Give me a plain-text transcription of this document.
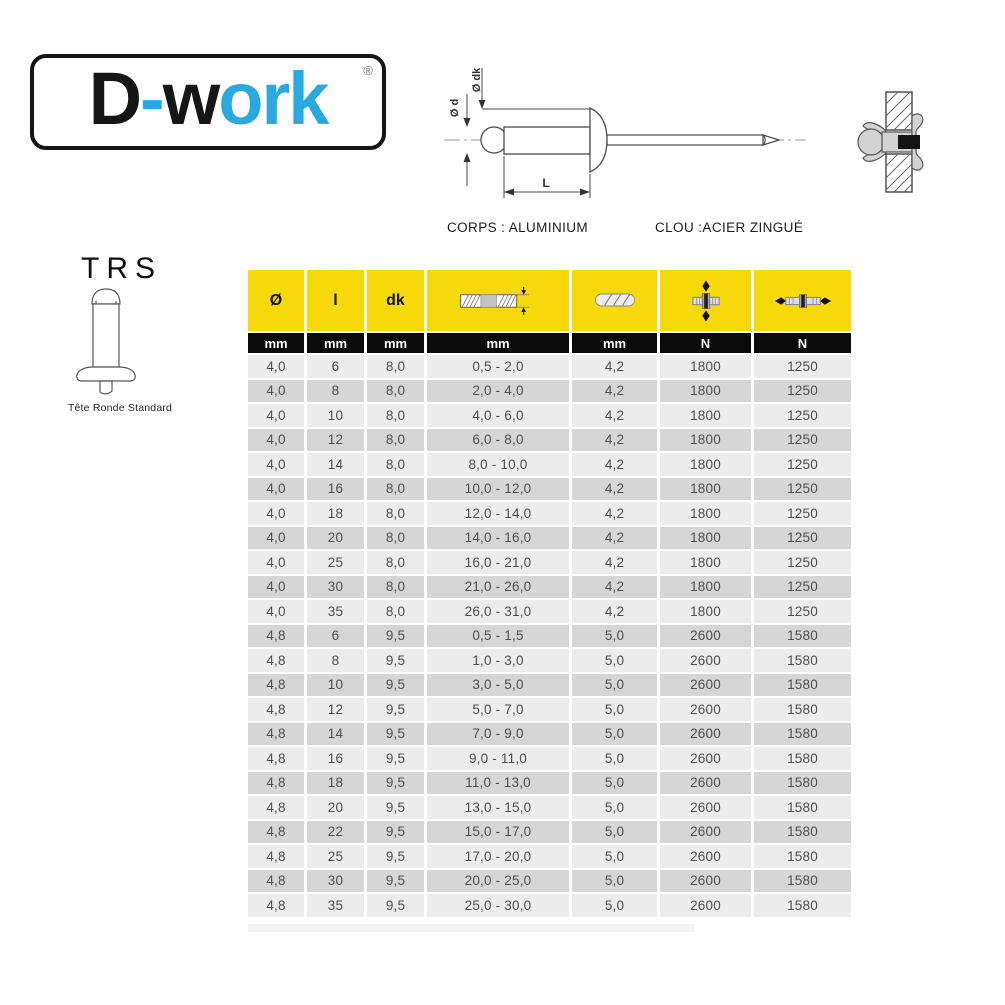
D-work	®
Ø d
Ø dk
L
CORPS : ALUMINIUM	CLOU :ACIER ZINGUÉ
TRS
Tête Ronde Standard
Ø	l	dk				
mm	mm	mm	mm	mm	N	N
4,0	6	8,0	0,5 - 2,0	4,2	1800	1250
4,0	8	8,0	2,0 - 4,0	4,2	1800	1250
4,0	10	8,0	4,0 - 6,0	4,2	1800	1250
4,0	12	8,0	6,0 - 8,0	4,2	1800	1250
4,0	14	8,0	8,0 - 10,0	4,2	1800	1250
4,0	16	8,0	10,0 - 12,0	4,2	1800	1250
4,0	18	8,0	12,0 - 14,0	4,2	1800	1250
4,0	20	8,0	14,0 - 16,0	4,2	1800	1250
4,0	25	8,0	16,0 - 21,0	4,2	1800	1250
4,0	30	8,0	21,0 - 26,0	4,2	1800	1250
4,0	35	8,0	26,0 - 31,0	4,2	1800	1250
4,8	6	9,5	0,5 - 1,5	5,0	2600	1580
4,8	8	9,5	1,0 - 3,0	5,0	2600	1580
4,8	10	9,5	3,0 - 5,0	5,0	2600	1580
4,8	12	9,5	5,0 - 7,0	5,0	2600	1580
4,8	14	9,5	7,0 - 9,0	5,0	2600	1580
4,8	16	9,5	9,0 - 11,0	5,0	2600	1580
4,8	18	9,5	11,0 - 13,0	5,0	2600	1580
4,8	20	9,5	13,0 - 15,0	5,0	2600	1580
4,8	22	9,5	15,0 - 17,0	5,0	2600	1580
4,8	25	9,5	17,0 - 20,0	5,0	2600	1580
4,8	30	9,5	20,0 - 25,0	5,0	2600	1580
4,8	35	9,5	25,0 - 30,0	5,0	2600	1580
